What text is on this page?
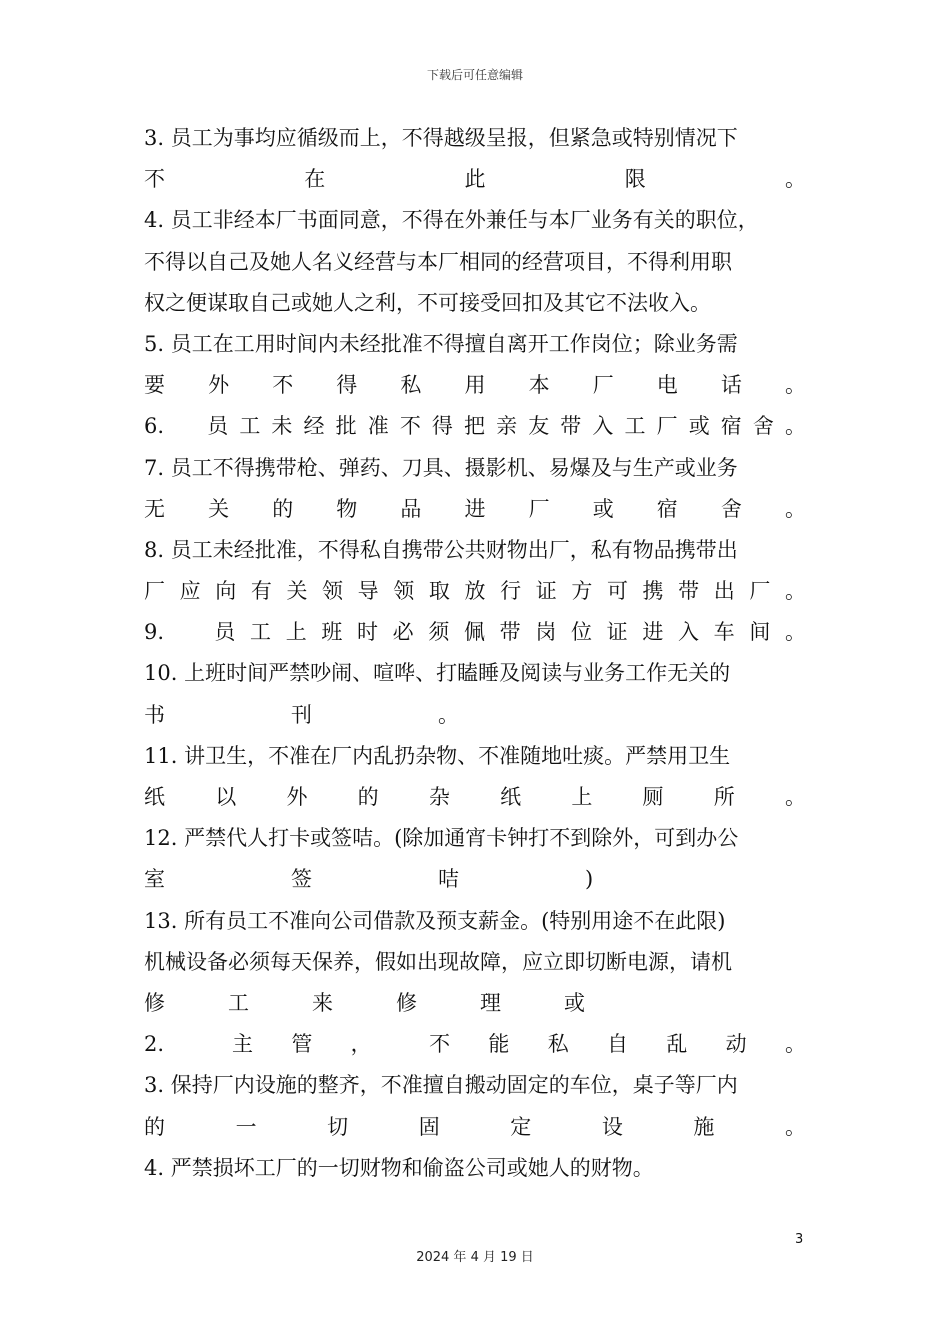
下载后可任意编辑
3. 员工为事均应循级而上，不得越级呈报，但紧急或特别情况下
不　　　　　在　　　　　此　　　　　限　　　　　。
4. 员工非经本厂书面同意，不得在外兼任与本厂业务有关的职位，
不得以自己及她人名义经营与本厂相同的经营项目，不得利用职
权之便谋取自己或她人之利，不可接受回扣及其它不法收入。
5. 员工在工用时间内未经批准不得擅自离开工作岗位；除业务需
要　外　不　得　私　用　本　厂　电　话　。
6.　员工未经批准不得把亲友带入工厂或宿舍。
7. 员工不得携带枪、弹药、刀具、摄影机、易爆及与生产或业务
无　关　的　物　品　进　厂　或　宿　舍　。
8. 员工未经批准，不得私自携带公共财物出厂，私有物品携带出
厂应向有关领导领取放行证方可携带出厂。
9.　员工上班时必须佩带岗位证进入车间。
10. 上班时间严禁吵闹、喧哗、打瞌睡及阅读与业务工作无关的
书　　　　　　刊　　　　　　。
11. 讲卫生，不准在厂内乱扔杂物、不准随地吐痰。严禁用卫生
纸　以　外　的　杂　纸　上　厕　所　。
12. 严禁代人打卡或签咭。(除加通宵卡钟打不到除外，可到办公
室　　　　　　签　　　　　　咭　　　　　　)
13. 所有员工不准向公司借款及预支薪金。(特别用途不在此限)
机械设备必须每天保养，假如出现故障，应立即切断电源，请机
修　　　工　　　来　　　修　　　理　　　或
2.　　主　管　，　　不　能　私　自　乱　动　。
3. 保持厂内设施的整齐，不准擅自搬动固定的车位，桌子等厂内
的　一　切　固　定　设　施　。
4. 严禁损坏工厂的一切财物和偷盗公司或她人的财物。
3
2024 年 4 月 19 日
